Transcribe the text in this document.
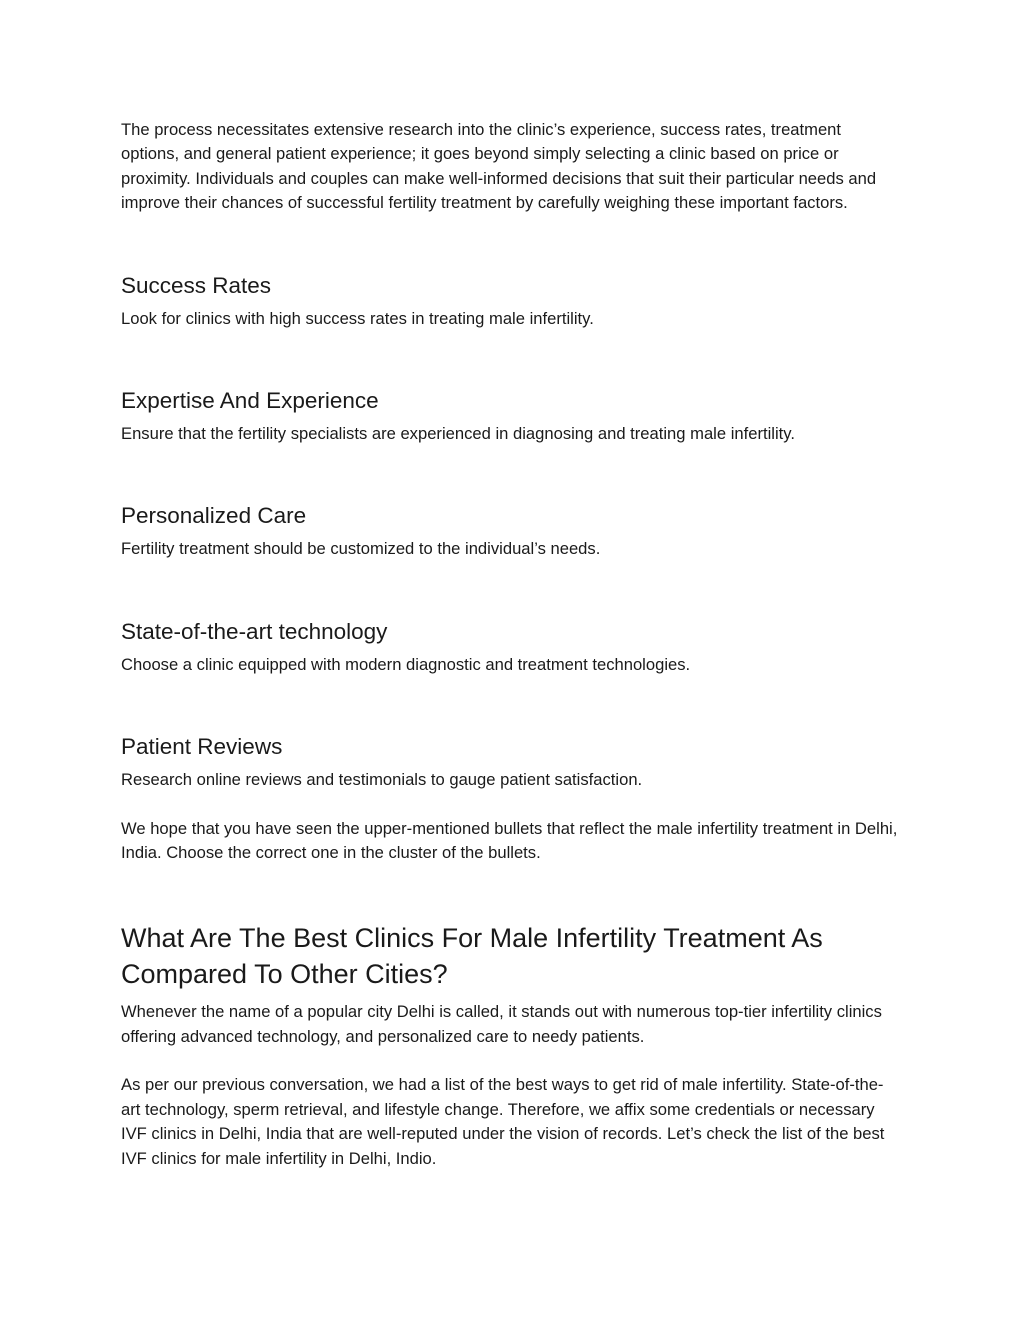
The process necessitates extensive research into the clinic’s experience, success rates, treatment options, and general patient experience; it goes beyond simply selecting a clinic based on price or proximity. Individuals and couples can make well-informed decisions that suit their particular needs and improve their chances of successful fertility treatment by carefully weighing these important factors.

Success Rates

Look for clinics with high success rates in treating male infertility.

Expertise And Experience

Ensure that the fertility specialists are experienced in diagnosing and treating male infertility.

Personalized Care

Fertility treatment should be customized to the individual’s needs.

State-of-the-art technology

Choose a clinic equipped with modern diagnostic and treatment technologies.

Patient Reviews

Research online reviews and testimonials to gauge patient satisfaction.

We hope that you have seen the upper-mentioned bullets that reflect the male infertility treatment in Delhi, India. Choose the correct one in the cluster of the bullets.

What Are The Best Clinics For Male Infertility Treatment As Compared To Other Cities?

Whenever the name of a popular city Delhi is called, it stands out with numerous top-tier infertility clinics offering advanced technology, and personalized care to needy patients.

As per our previous conversation, we had a list of the best ways to get rid of male infertility. State-of-the-art technology, sperm retrieval, and lifestyle change. Therefore, we affix some credentials or necessary IVF clinics in Delhi, India that are well-reputed under the vision of records. Let’s check the list of the best IVF clinics for male infertility in Delhi, Indio.
